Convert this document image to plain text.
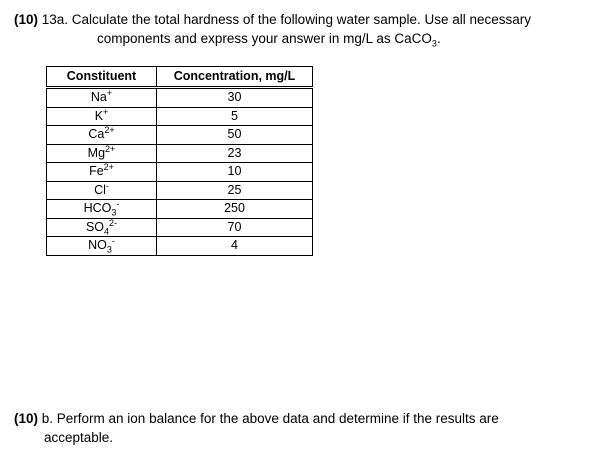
(10) 13a. Calculate the total hardness of the following water sample. Use all necessary
components and express your answer in mg/L as CaCO$_3$.
Constituent	Concentration, mg/L
Na+	30
K+	5
$Ca^{2+}$	50
$Mg^{2+}$	23
$Fe^{2+}$	10
Cl-	25
$HCO_3^-$	250
$SO_4^{2-}$	70
$NO_3^-$	4
(10) b. Perform an ion balance for the above data and determine if the results are
acceptable.
